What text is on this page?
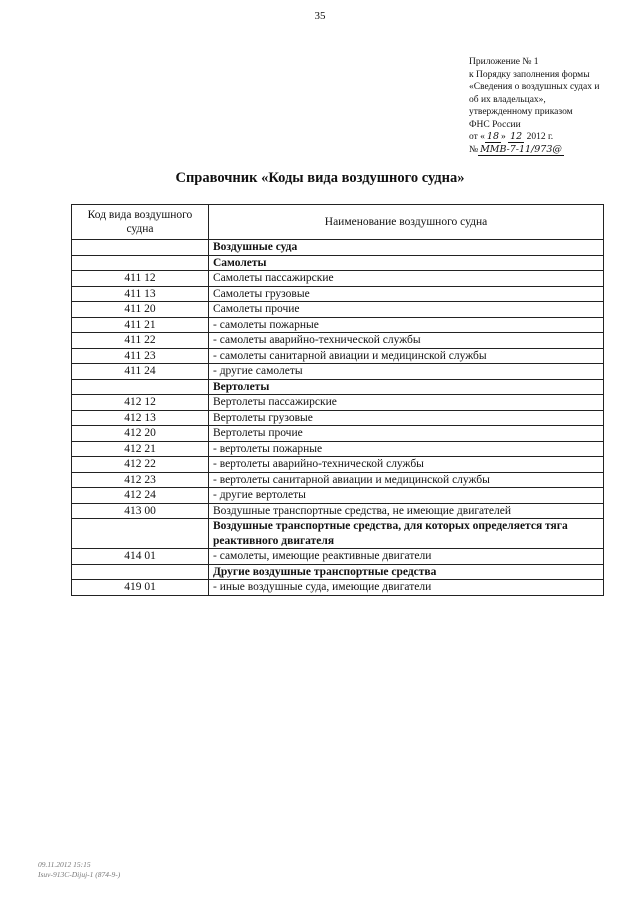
35
Приложение № 1
к Порядку заполнения формы
«Сведения о воздушных судах и
об их владельцах»,
утвержденному приказом
ФНС России
от « 18 » 12 2012 г.
№ ММВ-7-11/973@
Справочник «Коды вида воздушного судна»
Код вида воздушного судна	Наименование воздушного судна
	Воздушные суда
	Самолеты
411 12	Самолеты пассажирские
411 13	Самолеты грузовые
411 20	Самолеты прочие
411 21	- самолеты пожарные
411 22	- самолеты аварийно-технической службы
411 23	- самолеты санитарной авиации и медицинской службы
411 24	- другие самолеты
	Вертолеты
412 12	Вертолеты пассажирские
412 13	Вертолеты грузовые
412 20	Вертолеты прочие
412 21	- вертолеты пожарные
412 22	- вертолеты аварийно-технической службы
412 23	- вертолеты санитарной авиации и медицинской службы
412 24	- другие вертолеты
413 00	Воздушные транспортные средства, не имеющие двигателей
	Воздушные транспортные средства, для которых определяется тяга реактивного двигателя
414 01	- самолеты, имеющие реактивные двигатели
	Другие воздушные транспортные средства
419 01	- иные воздушные суда, имеющие двигатели
09.11.2012 15:15
Isuv-913C-Dijuj-1 (874-9-)
